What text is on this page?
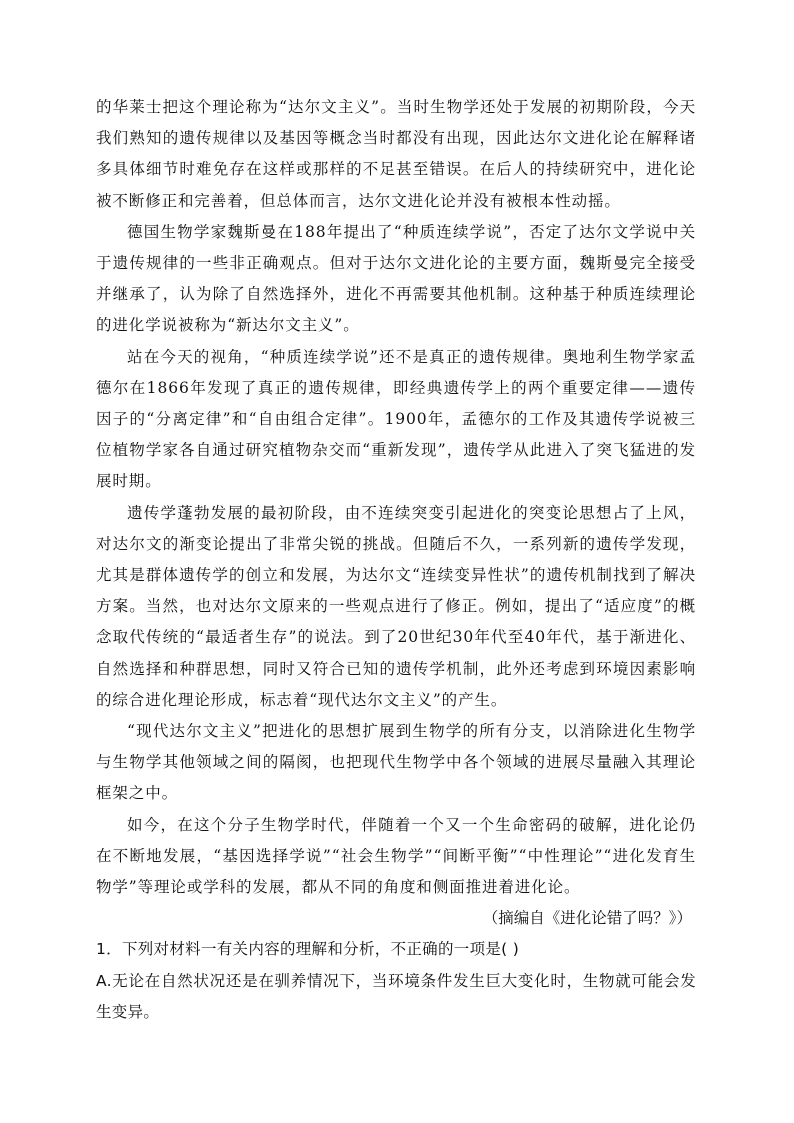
的华莱士把这个理论称为“达尔文主义”。当时生物学还处于发展的初期阶段，今天我们熟知的遗传规律以及基因等概念当时都没有出现，因此达尔文进化论在解释诸多具体细节时难免存在这样或那样的不足甚至错误。在后人的持续研究中，进化论被不断修正和完善着，但总体而言，达尔文进化论并没有被根本性动摇。

德国生物学家魏斯曼在188年提出了“种质连续学说”，否定了达尔文学说中关于遗传规律的一些非正确观点。但对于达尔文进化论的主要方面，魏斯曼完全接受并继承了，认为除了自然选择外，进化不再需要其他机制。这种基于种质连续理论的进化学说被称为“新达尔文主义”。

站在今天的视角，“种质连续学说”还不是真正的遗传规律。奥地利生物学家孟德尔在1866年发现了真正的遗传规律，即经典遗传学上的两个重要定律——遗传因子的“分离定律”和“自由组合定律”。1900年，孟德尔的工作及其遗传学说被三位植物学家各自通过研究植物杂交而“重新发现”，遗传学从此进入了突飞猛进的发展时期。

遗传学蓬勃发展的最初阶段，由不连续突变引起进化的突变论思想占了上风，对达尔文的渐变论提出了非常尖锐的挑战。但随后不久，一系列新的遗传学发现，尤其是群体遗传学的创立和发展，为达尔文“连续变异性状”的遗传机制找到了解决方案。当然，也对达尔文原来的一些观点进行了修正。例如，提出了“适应度”的概念取代传统的“最适者生存”的说法。到了20世纪30年代至40年代，基于渐进化、自然选择和种群思想，同时又符合已知的遗传学机制，此外还考虑到环境因素影响的综合进化理论形成，标志着“现代达尔文主义”的产生。

“现代达尔文主义”把进化的思想扩展到生物学的所有分支，以消除进化生物学与生物学其他领域之间的隔阂，也把现代生物学中各个领域的进展尽量融入其理论框架之中。

如今，在这个分子生物学时代，伴随着一个又一个生命密码的破解，进化论仍在不断地发展，“基因选择学说”“社会生物学”“间断平衡”“中性理论”“进化发育生物学”等理论或学科的发展，都从不同的角度和侧面推进着进化论。

（摘编自《进化论错了吗？》）

1．下列对材料一有关内容的理解和分析，不正确的一项是( )

A.无论在自然状况还是在驯养情况下，当环境条件发生巨大变化时，生物就可能会发生变异。
